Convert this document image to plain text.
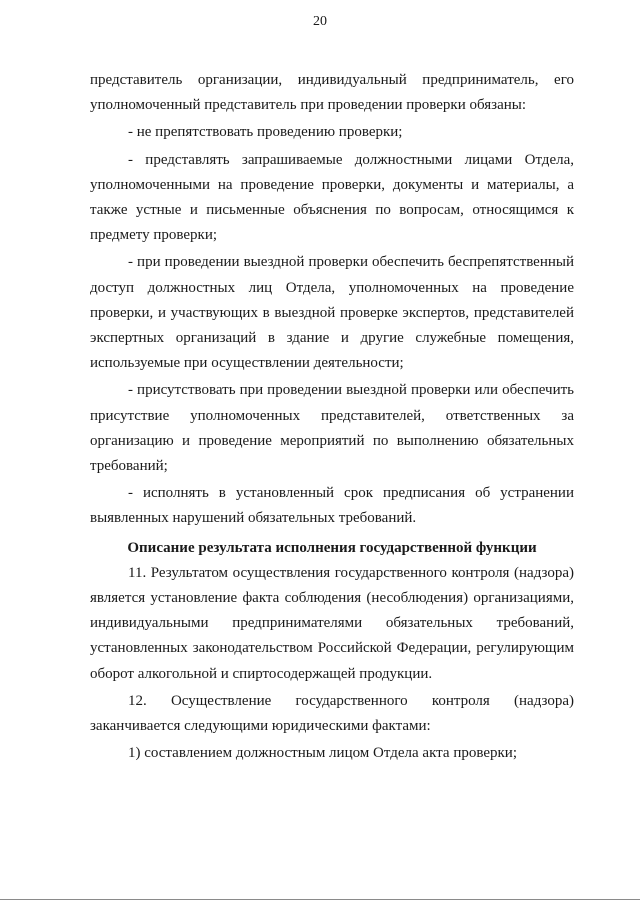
20

представитель организации, индивидуальный предприниматель, его уполномоченный представитель при проведении проверки обязаны:

- не препятствовать проведению проверки;

- представлять запрашиваемые должностными лицами Отдела, уполномоченными на проведение проверки, документы и материалы, а также устные и письменные объяснения по вопросам, относящимся к предмету проверки;

- при проведении выездной проверки обеспечить беспрепятственный доступ должностных лиц Отдела, уполномоченных на проведение проверки, и участвующих в выездной проверке экспертов, представителей экспертных организаций в здание и другие служебные помещения, используемые при осуществлении деятельности;

- присутствовать при проведении выездной проверки или обеспечить присутствие уполномоченных представителей, ответственных за организацию и проведение мероприятий по выполнению обязательных требований;

- исполнять в установленный срок предписания об устранении выявленных нарушений обязательных требований.

Описание результата исполнения государственной функции

11. Результатом осуществления государственного контроля (надзора) является установление факта соблюдения (несоблюдения) организациями, индивидуальными предпринимателями обязательных требований, установленных законодательством Российской Федерации, регулирующим оборот алкогольной и спиртосодержащей продукции.

12. Осуществление государственного контроля (надзора) заканчивается следующими юридическими фактами:

1) составлением должностным лицом Отдела акта проверки;
